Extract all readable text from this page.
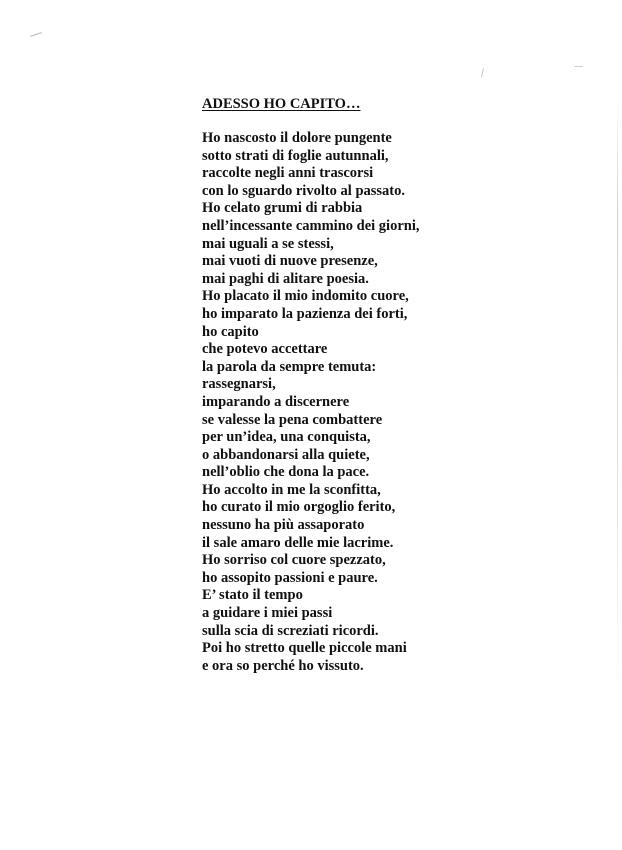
ADESSO HO CAPITO…
Ho nascosto il dolore pungente
sotto strati di foglie autunnali,
raccolte negli anni trascorsi
con lo sguardo rivolto al passato.
Ho celato grumi di rabbia
nell’incessante cammino dei giorni,
mai uguali a se stessi,
mai vuoti di nuove presenze,
mai paghi di alitare poesia.
Ho placato il mio indomito cuore,
ho imparato la pazienza dei forti,
ho capito
che potevo accettare
la parola da sempre temuta:
rassegnarsi,
imparando a discernere
se valesse la pena combattere
per un’idea, una conquista,
o abbandonarsi alla quiete,
nell’oblio che dona la pace.
Ho accolto in me la sconfitta,
ho curato il mio orgoglio ferito,
nessuno ha più assaporato
il sale amaro delle mie lacrime.
Ho sorriso col cuore spezzato,
ho assopito passioni e paure.
E’ stato il tempo
a guidare i miei passi
sulla scia di screziati ricordi.
Poi ho stretto quelle piccole mani
e ora so perché ho vissuto.
